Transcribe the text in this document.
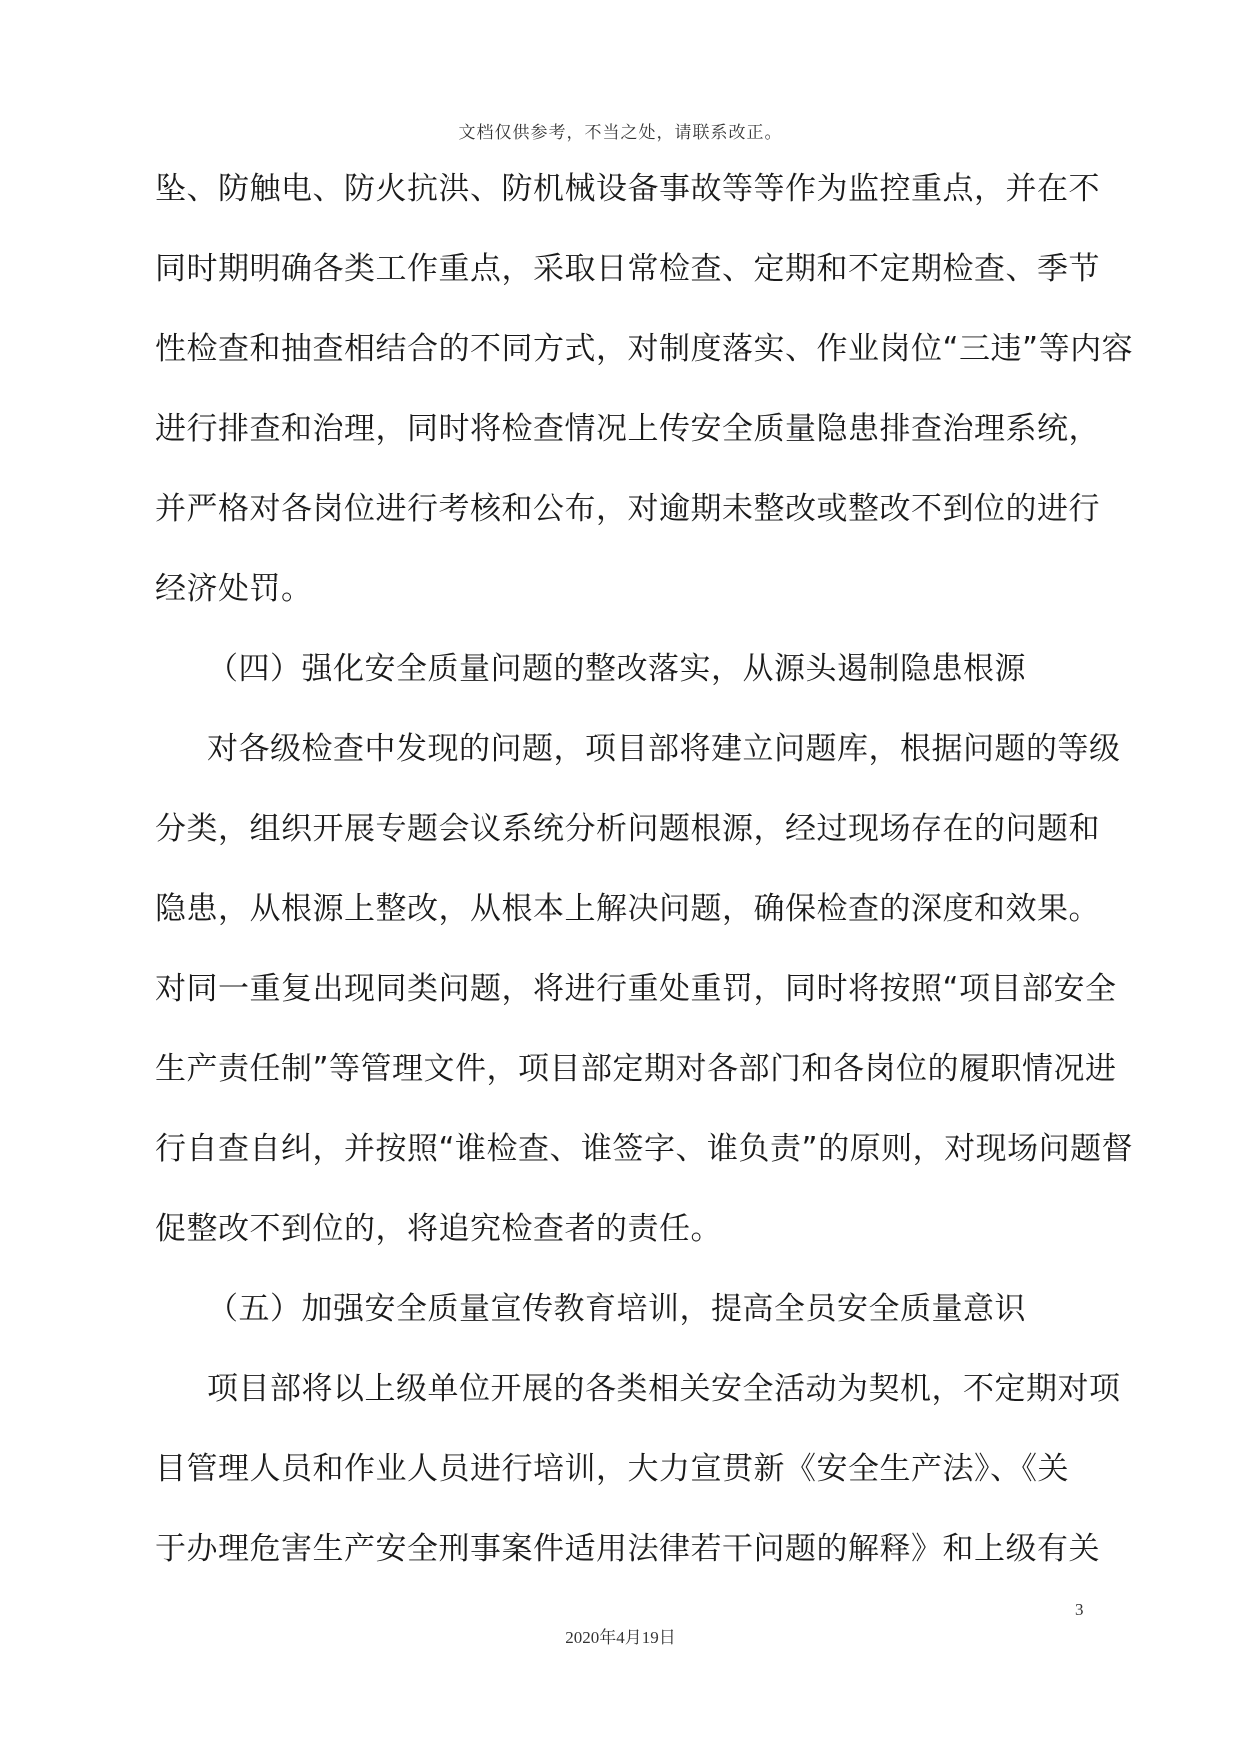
文档仅供参考，不当之处，请联系改正。
坠、防触电、防火抗洪、防机械设备事故等等作为监控重点，并在不
同时期明确各类工作重点，采取日常检查、定期和不定期检查、季节
性检查和抽查相结合的不同方式，对制度落实、作业岗位“三违”等内容
进行排查和治理，同时将检查情况上传安全质量隐患排查治理系统，
并严格对各岗位进行考核和公布，对逾期未整改或整改不到位的进行
经济处罚。
（四）强化安全质量问题的整改落实，从源头遏制隐患根源
对各级检查中发现的问题，项目部将建立问题库，根据问题的等级
分类，组织开展专题会议系统分析问题根源，经过现场存在的问题和
隐患，从根源上整改，从根本上解决问题，确保检查的深度和效果。
对同一重复出现同类问题，将进行重处重罚，同时将按照“项目部安全
生产责任制”等管理文件，项目部定期对各部门和各岗位的履职情况进
行自查自纠，并按照“谁检查、谁签字、谁负责”的原则，对现场问题督
促整改不到位的，将追究检查者的责任。
（五）加强安全质量宣传教育培训，提高全员安全质量意识
项目部将以上级单位开展的各类相关安全活动为契机，不定期对项
目管理人员和作业人员进行培训，大力宣贯新《安全生产法》、《关
于办理危害生产安全刑事案件适用法律若干问题的解释》和上级有关
3
2020年4月19日
